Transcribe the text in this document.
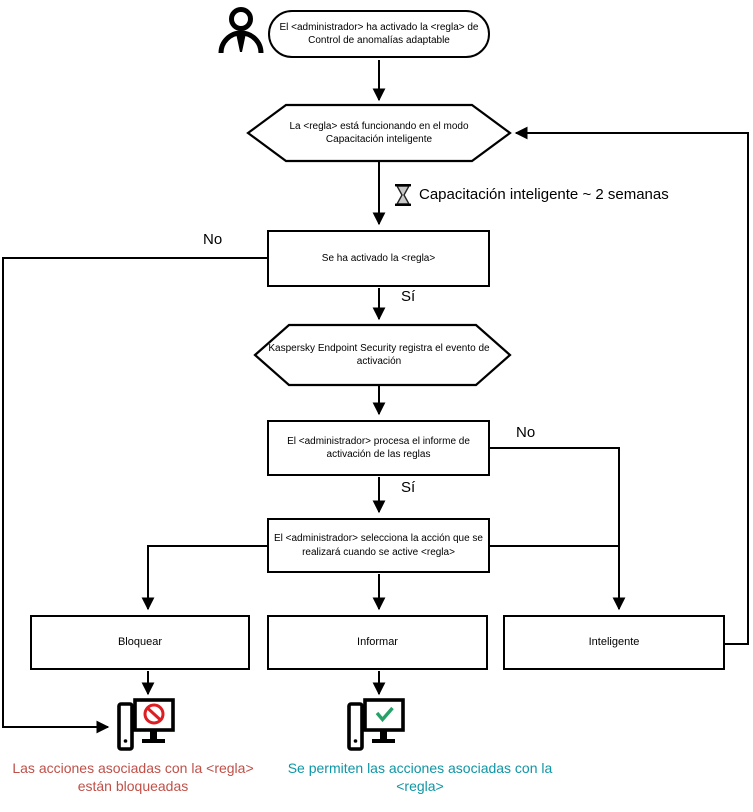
El <administrador> ha activado la <regla> de Control de anomalías adaptable
La <regla> está funcionando en el modo Capacitación inteligente
Kaspersky Endpoint Security registra el evento de activación
Capacitación inteligente ~ 2 semanas
Se ha activado la <regla>
El <administrador> procesa el informe de activación de las reglas
El <administrador> selecciona la acción que se realizará cuando se active <regla>
No
Sí
No
Sí
Bloquear	Informar	Inteligente
Las acciones asociadas con la <regla> están bloqueadas
Se permiten las acciones asociadas con la <regla>
